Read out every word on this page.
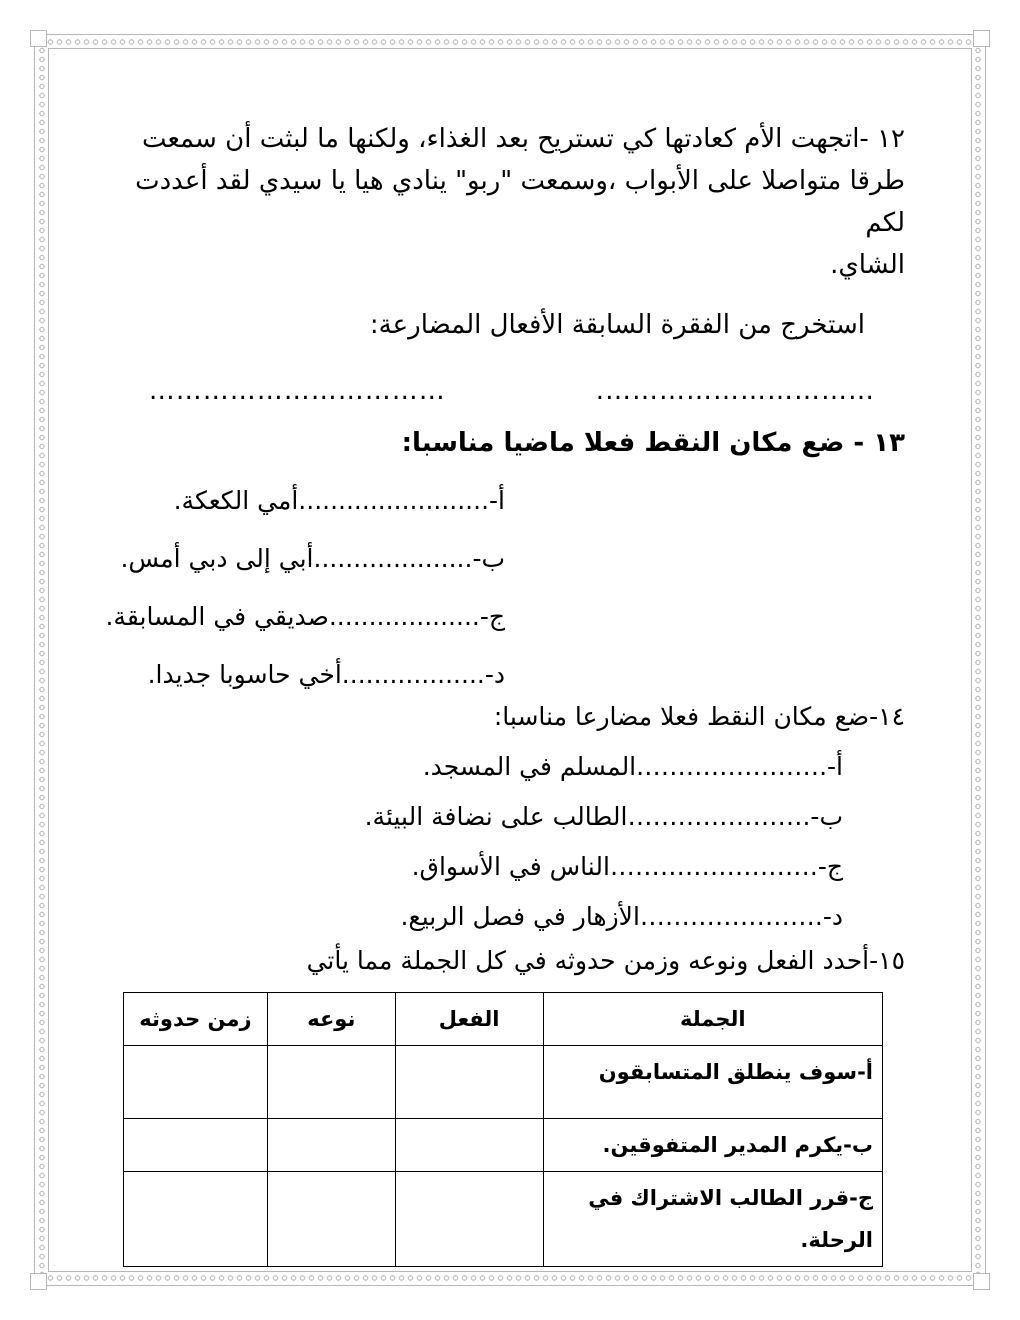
١٢ -اتجهت الأم كعادتها كي تستريح بعد الغذاء، ولكنها ما لبثت أن سمعت
طرقا متواصلا على الأبواب ،وسمعت "ربو" ينادي هيا يا سيدي لقد أعددت لكم
الشاي.
استخرج من الفقرة السابقة الأفعال المضارعة:
………………………….
……………………………
١٣ - ضع مكان النقط فعلا ماضيا مناسبا:
أ-........................أمي الكعكة.
ب-....................أبي إلى دبي أمس.
ج-...................صديقي في المسابقة.
د-..................أخي حاسوبا جديدا.
١٤-ضع مكان النقط فعلا مضارعا مناسبا:
أ-.………………….المسلم في المسجد.
ب-.…………………الطالب على نضافة البيئة.
ج-.……………………الناس في الأسواق.
د-.…………………الأزهار في فصل الربيع.
١٥-أحدد الفعل ونوعه وزمن حدوثه في كل الجملة مما يأتي
الجملة	الفعل	نوعه	زمن حدوثه
أ-سوف ينطلق المتسابقون			
ب-يكرم المدير المتفوقين.			
ج-قرر الطالب الاشتراك في الرحلة.			
